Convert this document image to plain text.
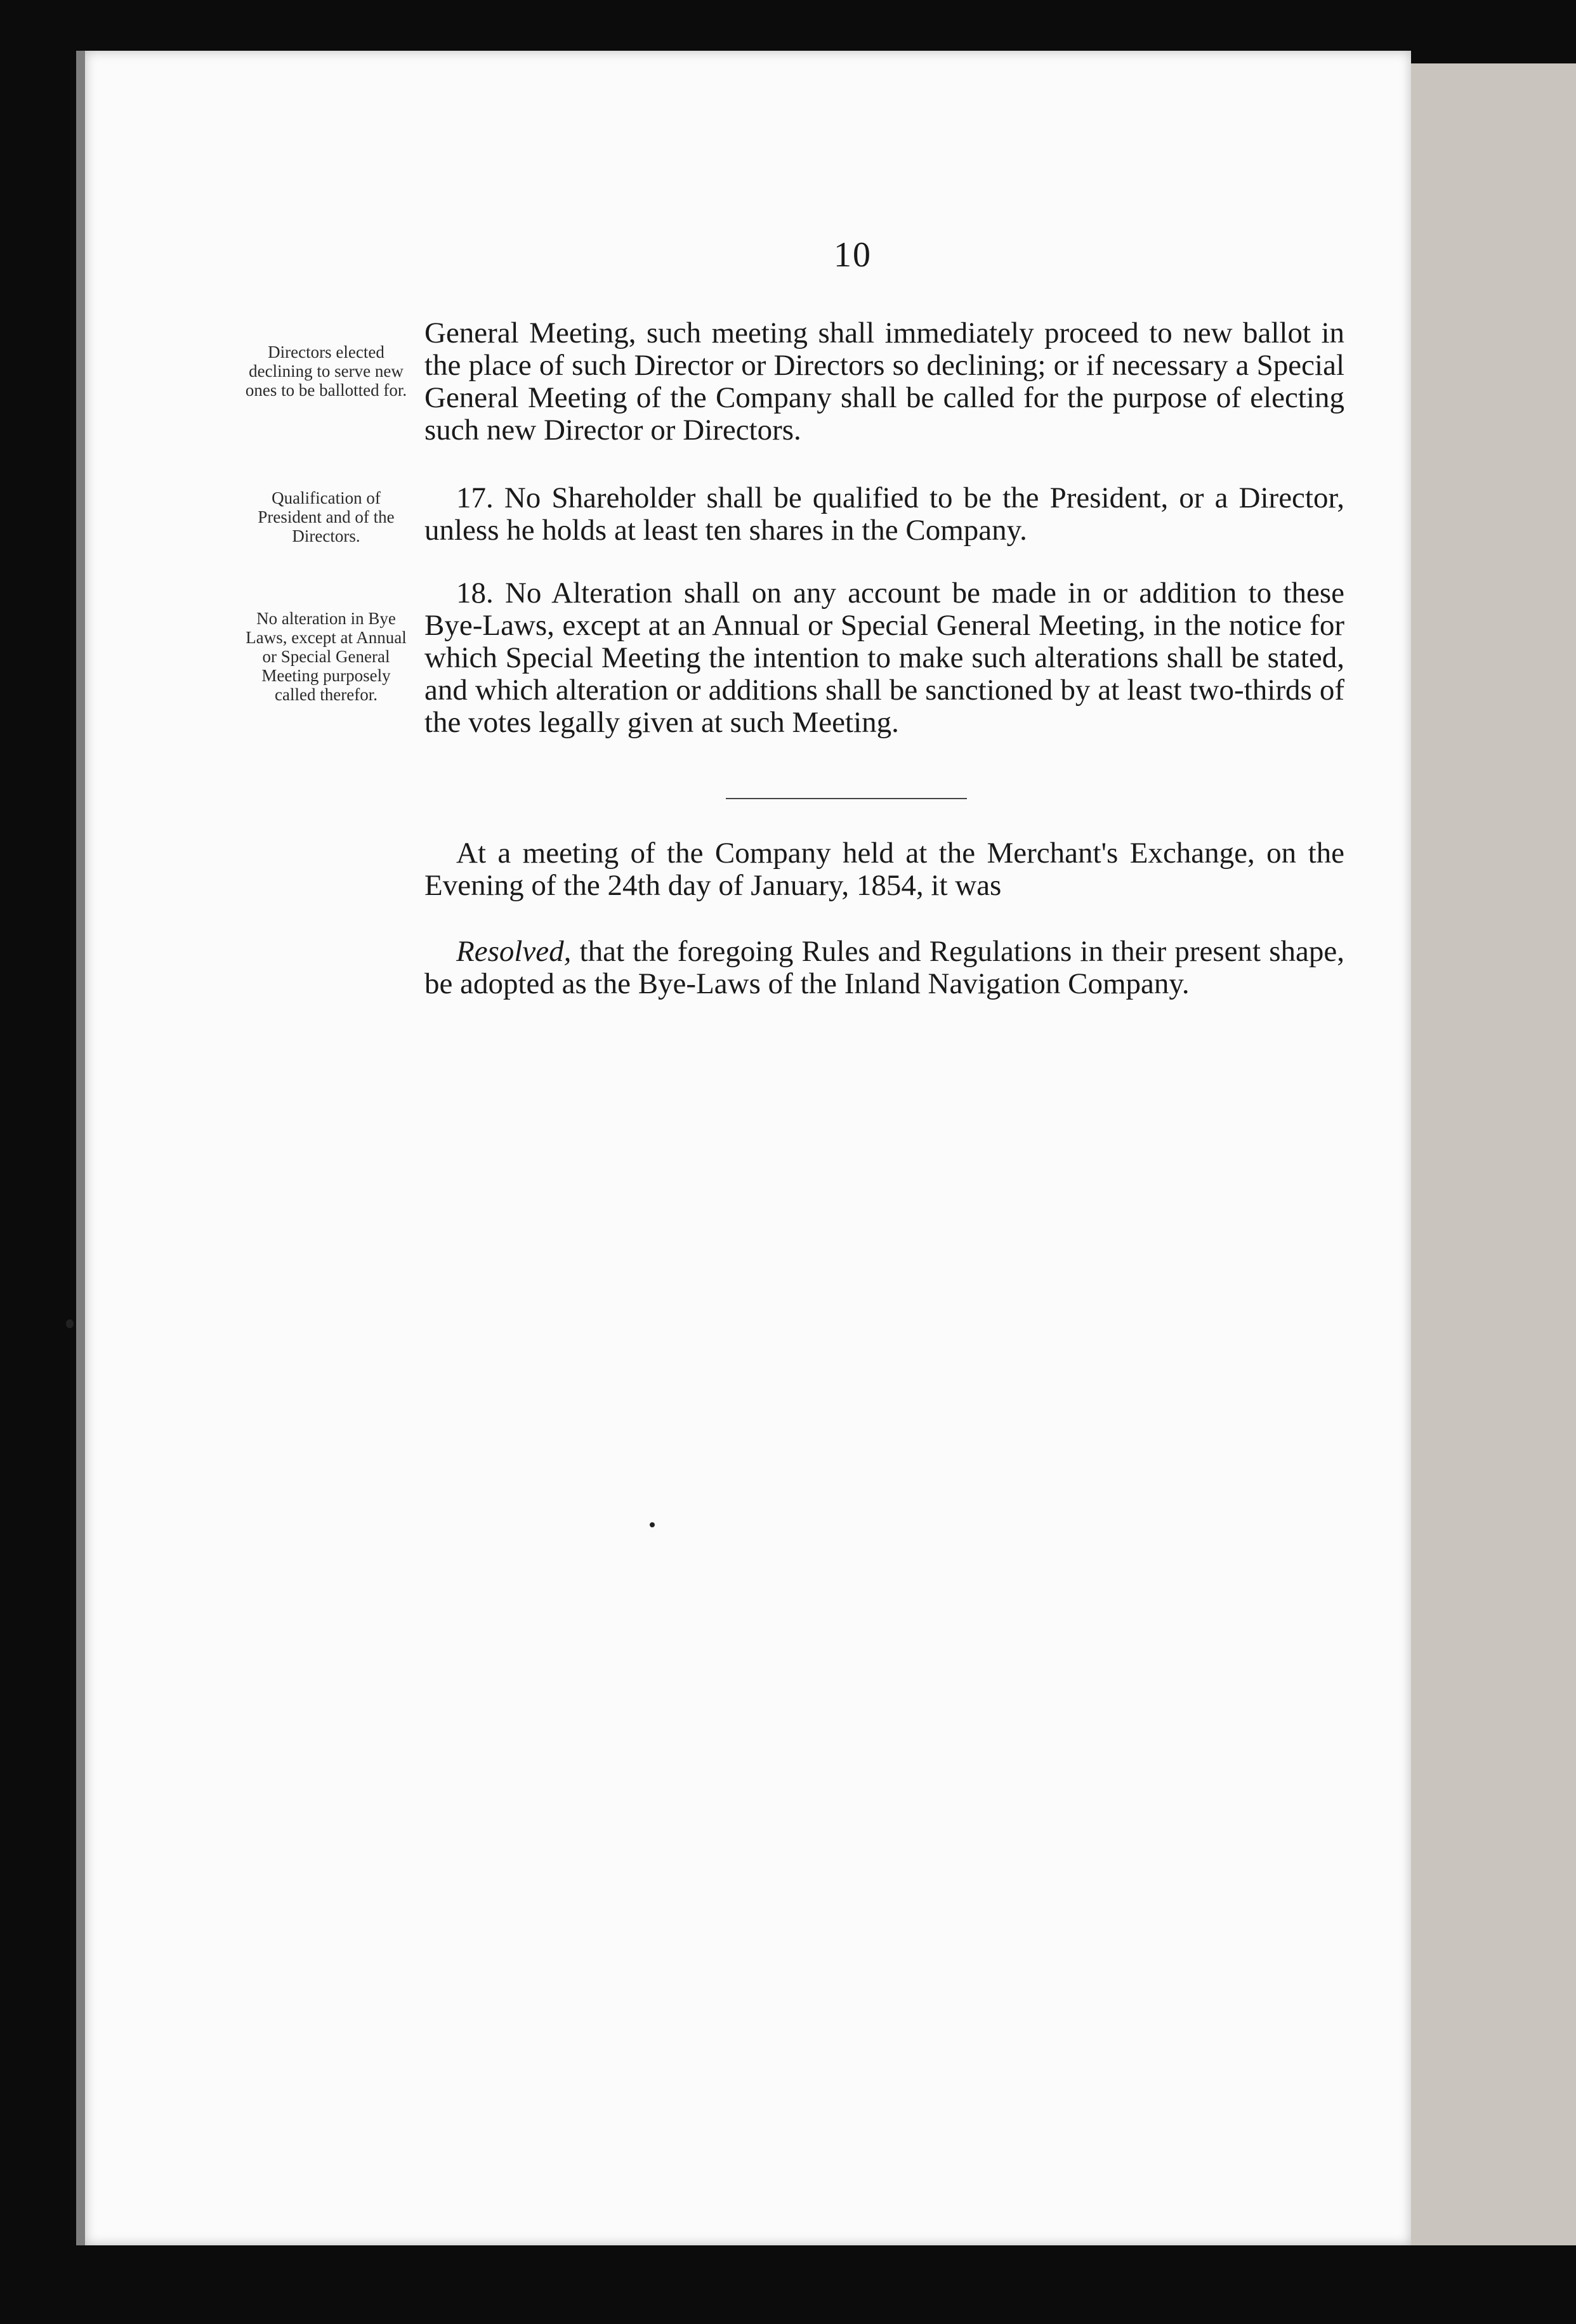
10
Directors elected declining to serve new ones to be ballotted for.
Qualification of President and of the Directors.
No alteration in Bye Laws, except at Annual or Special General Meeting purposely called therefor.
General Meeting, such meeting shall immediately proceed to new ballot in the place of such Director or Directors so declining; or if necessary a Special General Meeting of the Company shall be called for the purpose of electing such new Director or Directors.
17. No Shareholder shall be qualified to be the President, or a Director, unless he holds at least ten shares in the Company.
18. No Alteration shall on any account be made in or addition to these Bye-Laws, except at an Annual or Special General Meeting, in the notice for which Special Meeting the intention to make such alterations shall be stated, and which alteration or additions shall be sanctioned by at least two-thirds of the votes legally given at such Meeting.
At a meeting of the Company held at the Merchant's Exchange, on the Evening of the 24th day of January, 1854, it was
Resolved, that the foregoing Rules and Regulations in their present shape, be adopted as the Bye-Laws of the Inland Navigation Company.
